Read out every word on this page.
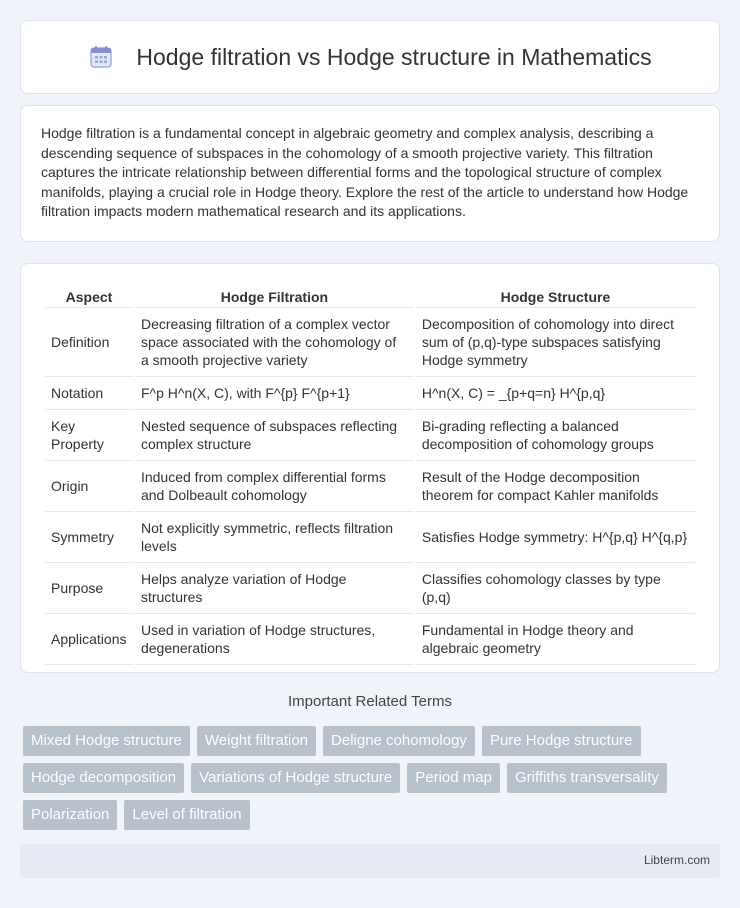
Hodge filtration vs Hodge structure in Mathematics

Hodge filtration is a fundamental concept in algebraic geometry and complex analysis, describing a descending sequence of subspaces in the cohomology of a smooth projective variety. This filtration captures the intricate relationship between differential forms and the topological structure of complex manifolds, playing a crucial role in Hodge theory. Explore the rest of the article to understand how Hodge filtration impacts modern mathematical research and its applications.

Aspect	Hodge Filtration	Hodge Structure
Definition	Decreasing filtration of a complex vector space associated with the cohomology of a smooth projective variety	Decomposition of cohomology into direct sum of (p,q)-type subspaces satisfying Hodge symmetry
Notation	F^p H^n(X, C), with F^{p} F^{p+1}	H^n(X, C) = _{p+q=n} H^{p,q}
Key Property	Nested sequence of subspaces reflecting complex structure	Bi-grading reflecting a balanced decomposition of cohomology groups
Origin	Induced from complex differential forms and Dolbeault cohomology	Result of the Hodge decomposition theorem for compact Kahler manifolds
Symmetry	Not explicitly symmetric, reflects filtration levels	Satisfies Hodge symmetry: H^{p,q} H^{q,p}
Purpose	Helps analyze variation of Hodge structures	Classifies cohomology classes by type (p,q)
Applications	Used in variation of Hodge structures, degenerations	Fundamental in Hodge theory and algebraic geometry
Important Related Terms
Mixed Hodge structure	Weight filtration	Deligne cohomology	Pure Hodge structure
Hodge decomposition	Variations of Hodge structure	Period map	Griffiths transversality
Polarization	Level of filtration
Libterm.com
